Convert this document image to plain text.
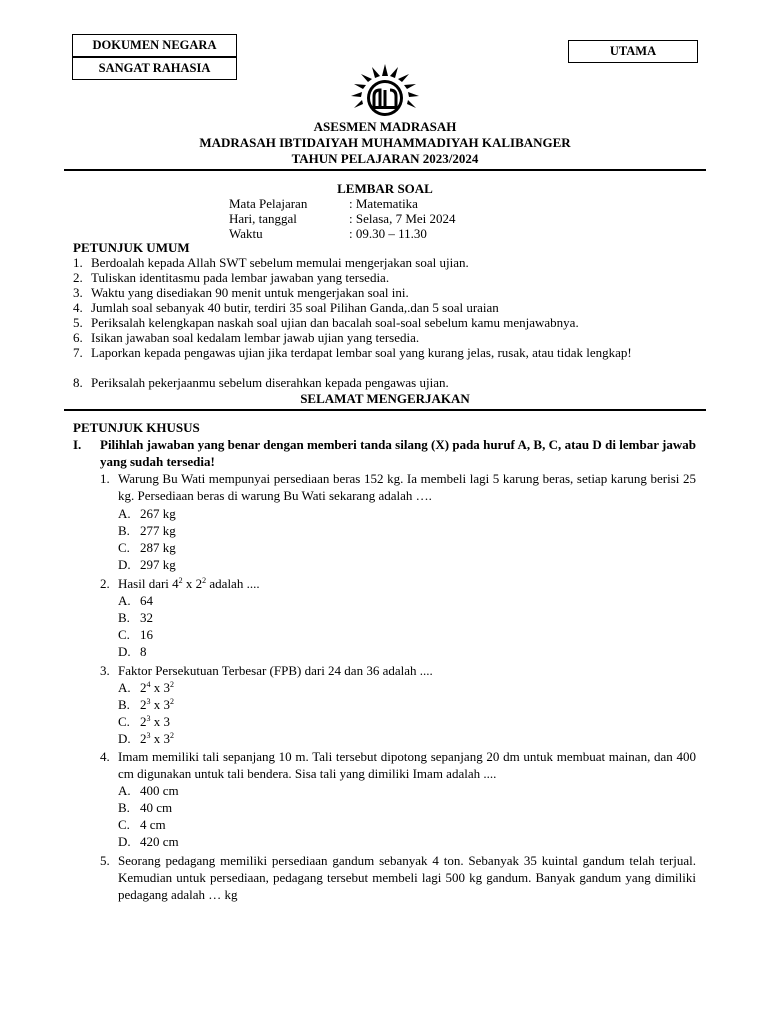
DOKUMEN NEGARA
SANGAT RAHASIA
UTAMA
ASESMEN MADRASAH
MADRASAH IBTIDAIYAH MUHAMMADIYAH KALIBANGER
TAHUN PELAJARAN 2023/2024
LEMBAR SOAL
Mata Pelajaran	: Matematika
Hari, tanggal	: Selasa, 7 Mei 2024
Waktu	: 09.30 – 11.30
PETUNJUK UMUM
1. Berdoalah kepada Allah SWT sebelum memulai mengerjakan soal ujian.
2. Tuliskan identitasmu pada lembar jawaban yang tersedia.
3. Waktu yang disediakan 90 menit untuk mengerjakan soal ini.
4. Jumlah soal sebanyak 40 butir, terdiri 35 soal Pilihan Ganda,.dan 5 soal uraian
5. Periksalah kelengkapan naskah soal ujian dan bacalah soal-soal sebelum kamu menjawabnya.
6. Isikan jawaban soal kedalam lembar jawab ujian yang tersedia.
7. Laporkan kepada pengawas ujian jika terdapat lembar soal yang kurang jelas, rusak, atau tidak lengkap!
8. Periksalah pekerjaanmu sebelum diserahkan kepada pengawas ujian.
SELAMAT MENGERJAKAN
PETUNJUK KHUSUS
I. Pilihlah jawaban yang benar dengan memberi tanda silang (X) pada huruf A, B, C, atau D di lembar jawab yang sudah tersedia!
1. Warung Bu Wati mempunyai persediaan beras 152 kg. Ia membeli lagi 5 karung beras, setiap karung berisi 25 kg. Persediaan beras di warung Bu Wati sekarang adalah ….
A. 267 kg
B. 277 kg
C. 287 kg
D. 297 kg
2. Hasil dari $4^2$ x $2^2$ adalah ....
A. 64
B. 32
C. 16
D. 8
3. Faktor Persekutuan Terbesar (FPB) dari 24 dan 36 adalah ....
A. $2^4$ x $3^2$
B. $2^3$ x $3^2$
C. $2^3$ x 3
D. $2^3$ x $3^2$
4. Imam memiliki tali sepanjang 10 m. Tali tersebut dipotong sepanjang 20 dm untuk membuat mainan, dan 400 cm digunakan untuk tali bendera. Sisa tali yang dimiliki Imam adalah ....
A. 400 cm
B. 40 cm
C. 4 cm
D. 420 cm
5. Seorang pedagang memiliki persediaan gandum sebanyak 4 ton. Sebanyak 35 kuintal gandum telah terjual. Kemudian untuk persediaan, pedagang tersebut membeli lagi 500 kg gandum. Banyak gandum yang dimiliki pedagang adalah … kg
